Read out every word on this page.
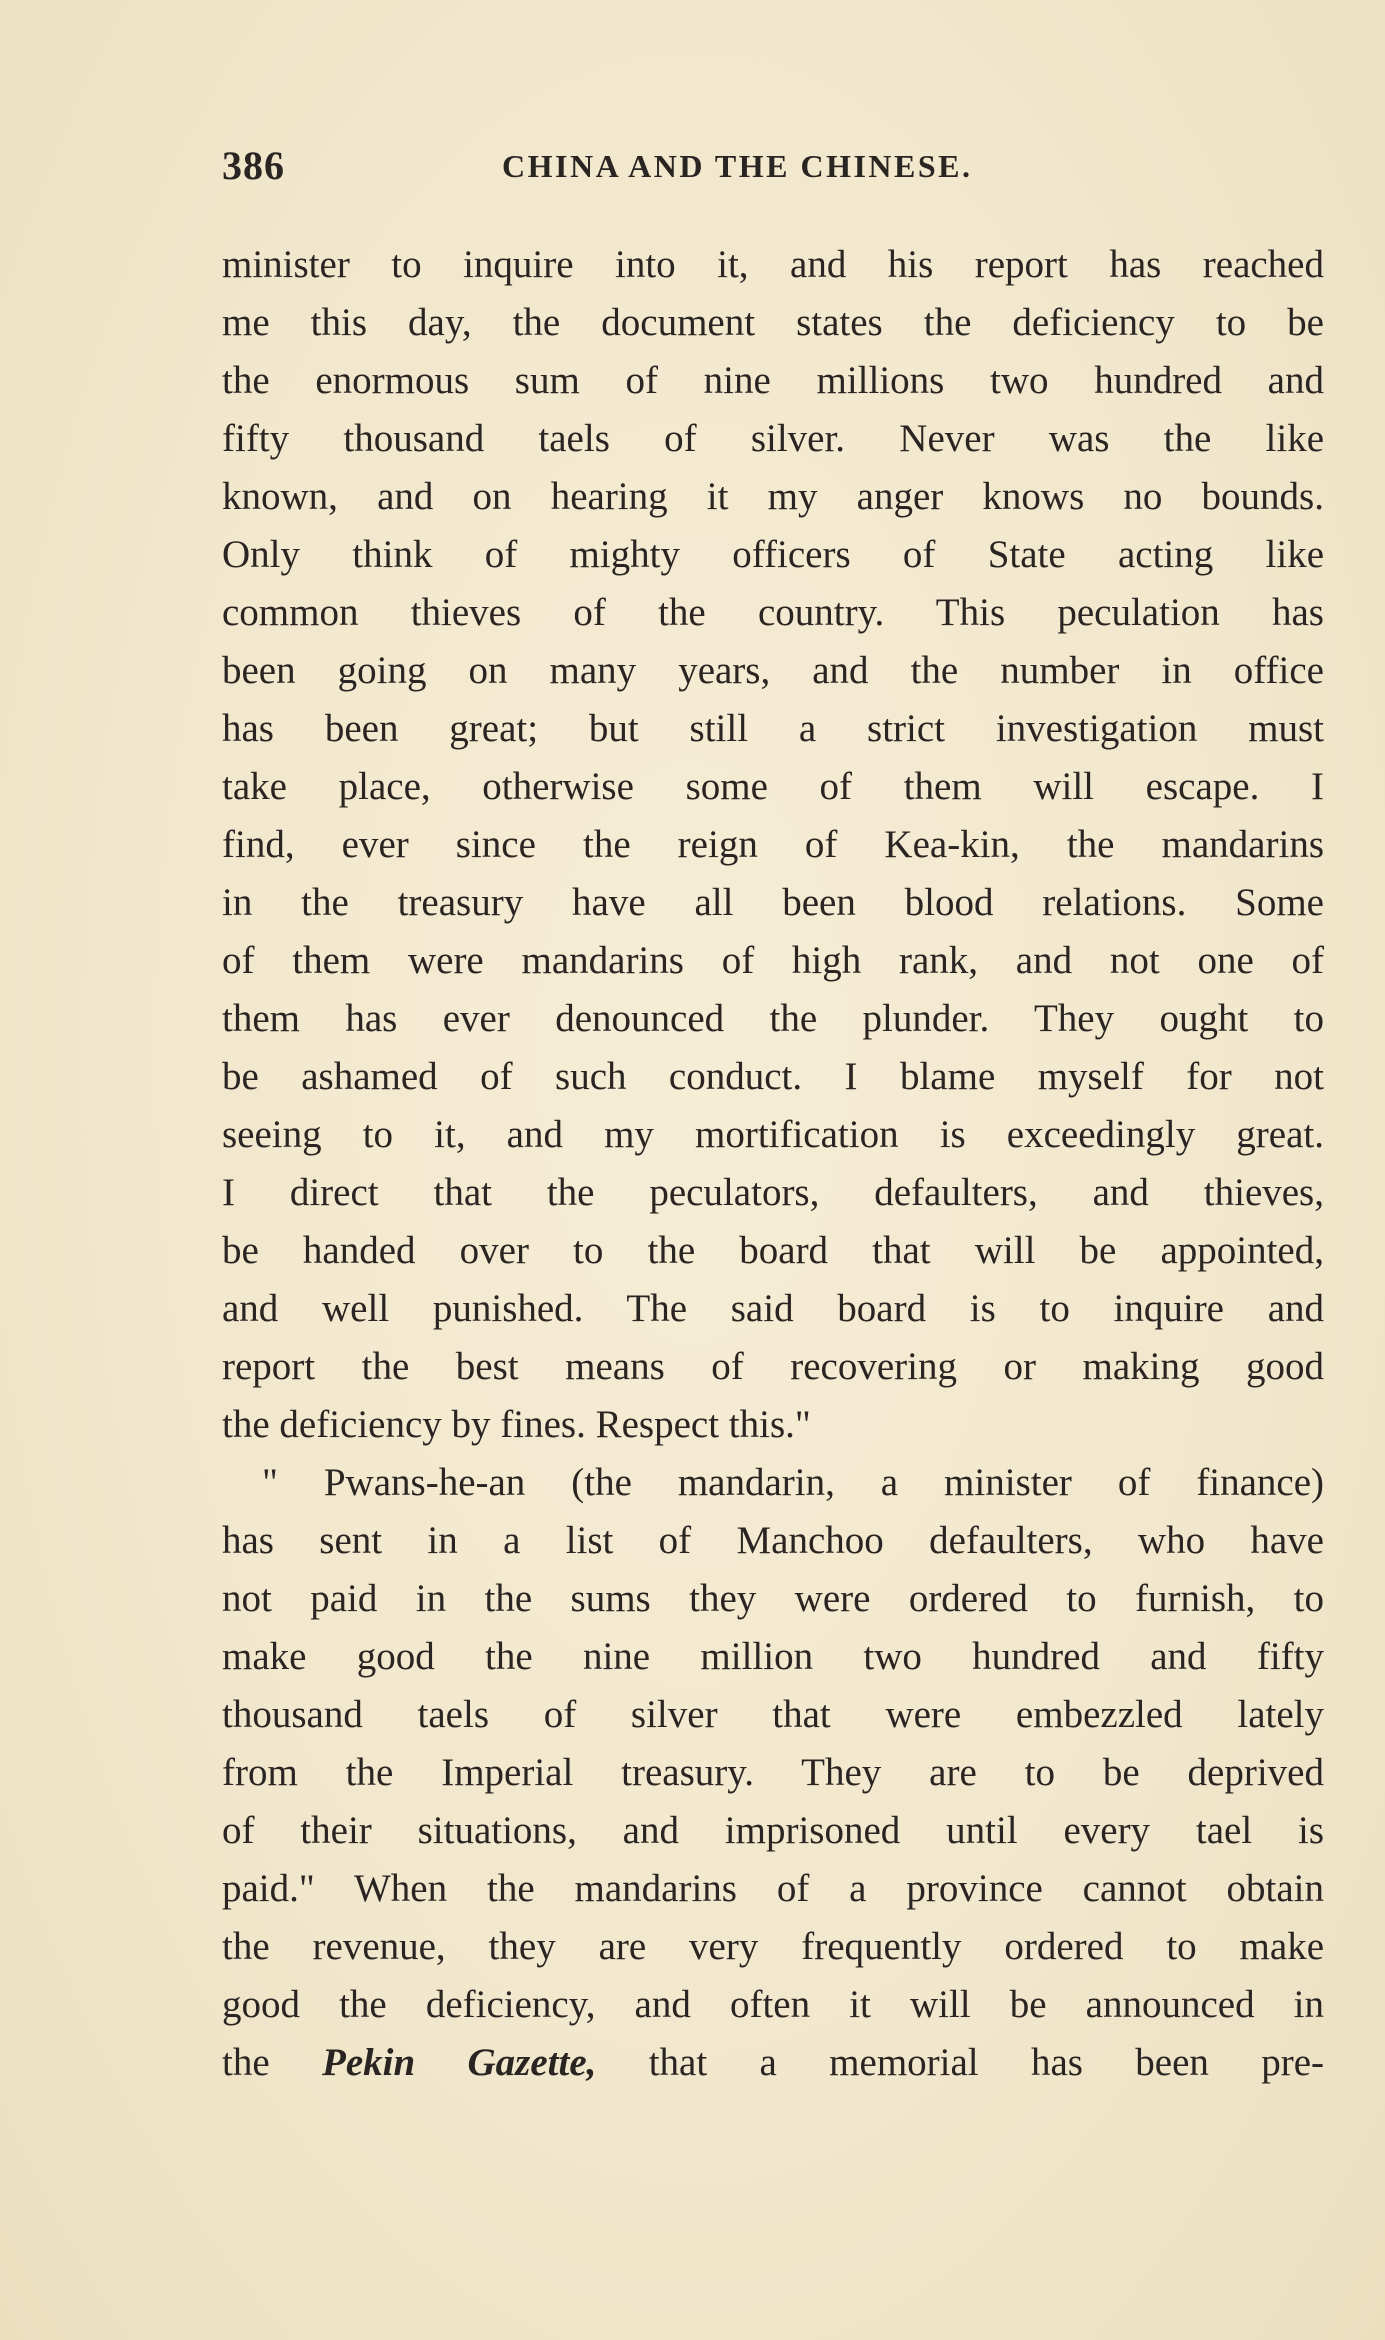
386	CHINA AND THE CHINESE.
minister to inquire into it, and his report has reached
me this day, the document states the deficiency to be
the enormous sum of nine millions two hundred and
fifty thousand taels of silver. Never was the like
known, and on hearing it my anger knows no bounds.
Only think of mighty officers of State acting like
common thieves of the country. This peculation has
been going on many years, and the number in office
has been great; but still a strict investigation must
take place, otherwise some of them will escape. I
find, ever since the reign of Kea-kin, the mandarins
in the treasury have all been blood relations. Some
of them were mandarins of high rank, and not one of
them has ever denounced the plunder. They ought to
be ashamed of such conduct. I blame myself for not
seeing to it, and my mortification is exceedingly great.
I direct that the peculators, defaulters, and thieves,
be handed over to the board that will be appointed,
and well punished. The said board is to inquire and
report the best means of recovering or making good
the deficiency by fines. Respect this."
" Pwans-he-an (the mandarin, a minister of finance)
has sent in a list of Manchoo defaulters, who have
not paid in the sums they were ordered to furnish, to
make good the nine million two hundred and fifty
thousand taels of silver that were embezzled lately
from the Imperial treasury. They are to be deprived
of their situations, and imprisoned until every tael is
paid." When the mandarins of a province cannot obtain
the revenue, they are very frequently ordered to make
good the deficiency, and often it will be announced in
the Pekin Gazette, that a memorial has been pre-
